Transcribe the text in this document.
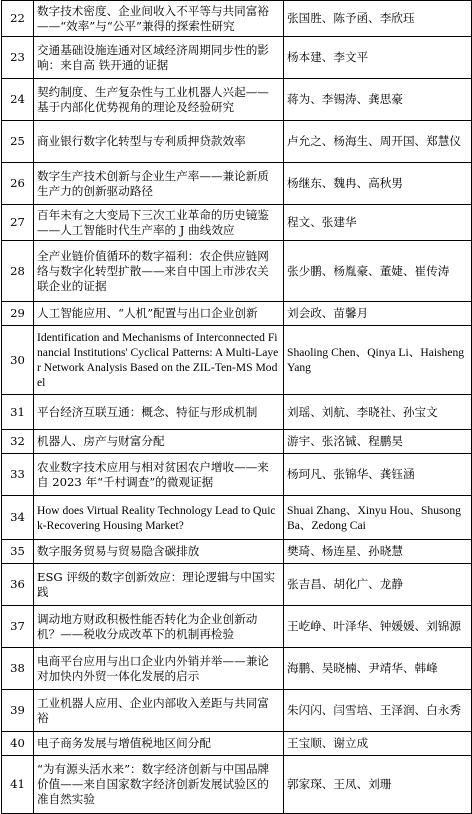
22	数字技术密度、企业间收入不平等与共同富裕——“效率”与“公平”兼得的探索性研究	张国胜、陈予函、李欣珏
23	交通基础设施连通对区域经济周期同步性的影响：来自高 铁开通的证据	杨本建、李文平
24	契约制度、生产复杂性与工业机器人兴起——基于内部化优势视角的理论及经验研究	蒋为、李锡涛、龚思豪
25	商业银行数字化转型与专利质押贷款效率	卢允之、杨海生、周开国、郑慧仪
26	数字生产技术创新与企业生产率——兼论新质生产力的创新驱动路径	杨继东、魏冉、高秋男
27	百年未有之大变局下三次工业革命的历史镜鉴——人工智能时代生产率的 J 曲线效应	程文、张建华
28	全产业链价值循环的数字福利：农企供应链网络与数字化转型扩散——来自中国上市涉农关联企业的证据	张少鹏、杨胤豪、董婕、崔传涛
29	人工智能应用、“人机”配置与出口企业创新	刘会政、苗馨月
30	Identification and Mechanisms of Interconnected Financial Institutions' Cyclical Patterns: A Multi-Layer Network Analysis Based on the ZIL-Ten-MS Model	Shaoling Chen、Qinya Li、Haisheng Yang
31	平台经济互联互通：概念、特征与形成机制	刘瑶、刘航、李晓社、孙宝文
32	机器人、房产与财富分配	游宇、张洺铖、程鹏昊
33	农业数字技术应用与相对贫困农户增收——来自 2023 年“千村调查”的微观证据	杨珂凡、张锦华、龚钰涵
34	How does Virtual Reality Technology Lead to Quick-Recovering Housing Market?	Shuai Zhang、Xinyu Hou、Shusong Ba、Zedong Cai
35	数字服务贸易与贸易隐含碳排放	樊琦、杨连星、孙晓慧
36	ESG 评级的数字创新效应：理论逻辑与中国实践	张吉昌、胡化广、龙静
37	调动地方财政积极性能否转化为企业创新动机？——税收分成改革下的机制再检验	王屹峥、叶泽华、钟媛媛、刘锦源
38	电商平台应用与出口企业内外销并举——兼论对加快内外贸一体化发展的启示	海鹏、吴晓楠、尹靖华、韩峰
39	工业机器人应用、企业内部收入差距与共同富裕	朱闪闪、闫雪培、王泽润、白永秀
40	电子商务发展与增值税地区间分配	王宝顺、谢立成
41	“为有源头活水来”：数字经济创新与中国品牌价值——来自国家数字经济创新发展试验区的准自然实验	郭家琛、王凤、刘珊
